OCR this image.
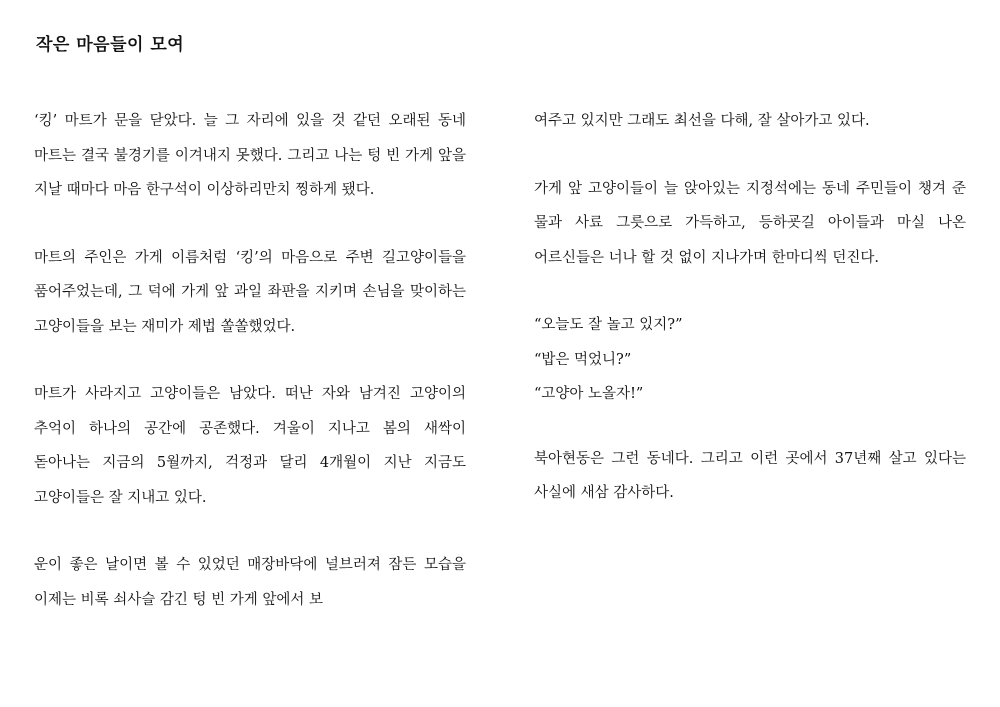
작은 마음들이 모여

‘킹’ 마트가 문을 닫았다. 늘 그 자리에 있을 것 같던 오래된 동네 마트는 결국 불경기를 이겨내지 못했다. 그리고 나는 텅 빈 가게 앞을 지날 때마다 마음 한구석이 이상하리만치 찡하게 됐다.

마트의 주인은 가게 이름처럼 ‘킹’의 마음으로 주변 길고양이들을 품어주었는데, 그 덕에 가게 앞 과일 좌판을 지키며 손님을 맞이하는 고양이들을 보는 재미가 제법 쏠쏠했었다.

마트가 사라지고 고양이들은 남았다. 떠난 자와 남겨진 고양이의 추억이 하나의 공간에 공존했다. 겨울이 지나고 봄의 새싹이 돋아나는 지금의 5월까지, 걱정과 달리 4개월이 지난 지금도 고양이들은 잘 지내고 있다.

운이 좋은 날이면 볼 수 있었던 매장바닥에 널브러져 잠든 모습을 이제는 비록 쇠사슬 감긴 텅 빈 가게 앞에서 보

여주고 있지만 그래도 최선을 다해, 잘 살아가고 있다.

가게 앞 고양이들이 늘 앉아있는 지정석에는 동네 주민들이 챙겨 준 물과 사료 그릇으로 가득하고, 등하굣길 아이들과 마실 나온 어르신들은 너나 할 것 없이 지나가며 한마디씩 던진다.

“오늘도 잘 놀고 있지?”

“밥은 먹었니?”

“고양아 노올자!”

북아현동은 그런 동네다. 그리고 이런 곳에서 37년째 살고 있다는 사실에 새삼 감사하다.
